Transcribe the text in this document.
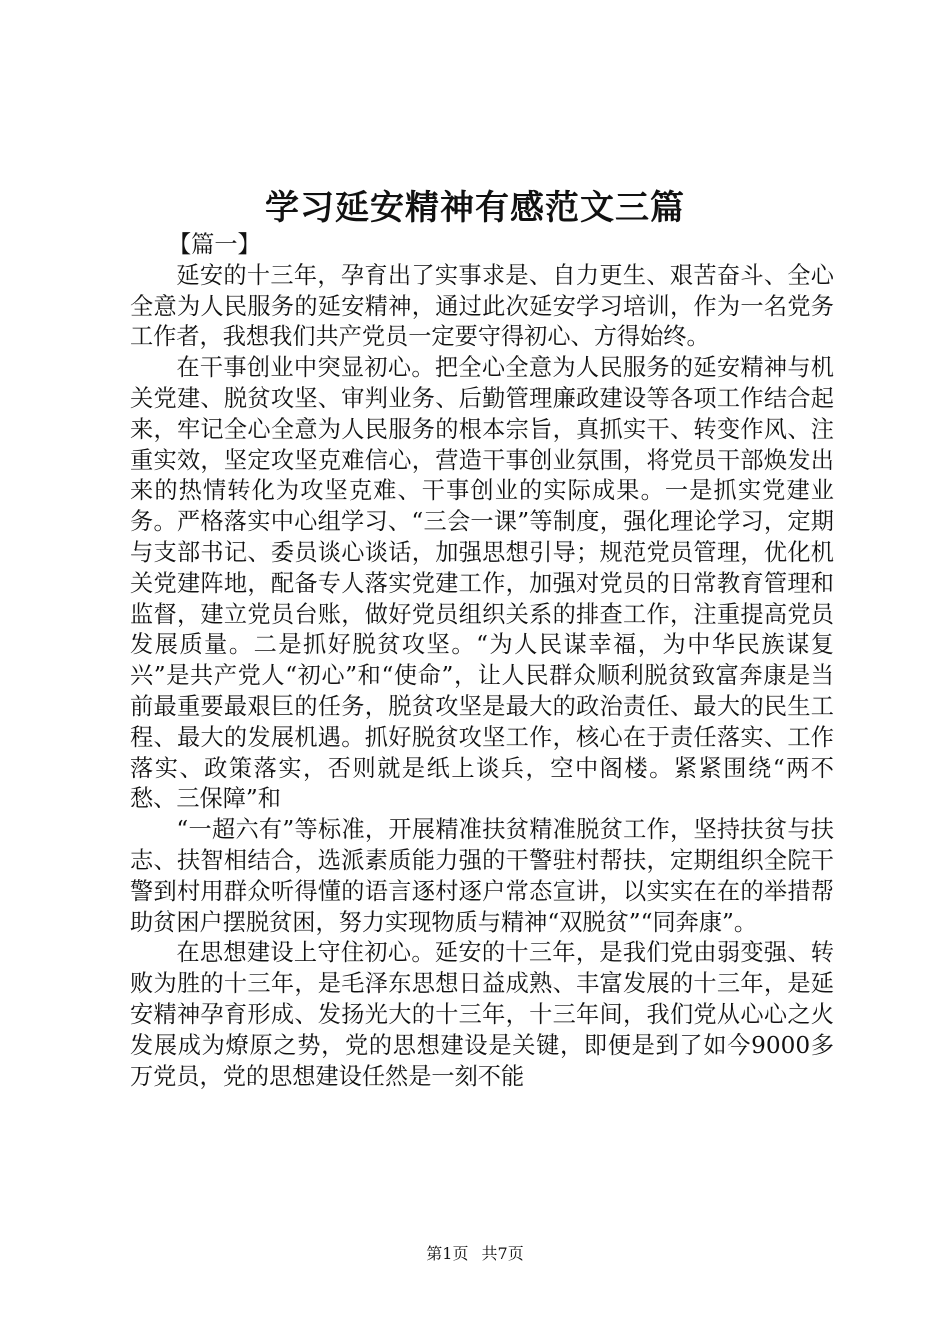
学习延安精神有感范文三篇

【篇一】

延安的十三年，孕育出了实事求是、自力更生、艰苦奋斗、全心全意为人民服务的延安精神，通过此次延安学习培训，作为一名党务工作者，我想我们共产党员一定要守得初心、方得始终。

在干事创业中突显初心。把全心全意为人民服务的延安精神与机关党建、脱贫攻坚、审判业务、后勤管理廉政建设等各项工作结合起来，牢记全心全意为人民服务的根本宗旨，真抓实干、转变作风、注重实效，坚定攻坚克难信心，营造干事创业氛围，将党员干部焕发出来的热情转化为攻坚克难、干事创业的实际成果。一是抓实党建业务。严格落实中心组学习、“三会一课”等制度，强化理论学习，定期与支部书记、委员谈心谈话，加强思想引导；规范党员管理，优化机关党建阵地，配备专人落实党建工作，加强对党员的日常教育管理和监督，建立党员台账，做好党员组织关系的排查工作，注重提高党员发展质量。二是抓好脱贫攻坚。“为人民谋幸福，为中华民族谋复兴”是共产党人“初心”和“使命”，让人民群众顺利脱贫致富奔康是当前最重要最艰巨的任务，脱贫攻坚是最大的政治责任、最大的民生工程、最大的发展机遇。抓好脱贫攻坚工作，核心在于责任落实、工作落实、政策落实，否则就是纸上谈兵，空中阁楼。紧紧围绕“两不愁、三保障”和

“一超六有”等标准，开展精准扶贫精准脱贫工作，坚持扶贫与扶志、扶智相结合，选派素质能力强的干警驻村帮扶，定期组织全院干警到村用群众听得懂的语言逐村逐户常态宣讲，以实实在在的举措帮助贫困户摆脱贫困，努力实现物质与精神“双脱贫”“同奔康”。

在思想建设上守住初心。延安的十三年，是我们党由弱变强、转败为胜的十三年，是毛泽东思想日益成熟、丰富发展的十三年，是延安精神孕育形成、发扬光大的十三年，十三年间，我们党从心心之火发展成为燎原之势，党的思想建设是关键，即便是到了如今9000多万党员，党的思想建设任然是一刻不能

第1页 共7页
